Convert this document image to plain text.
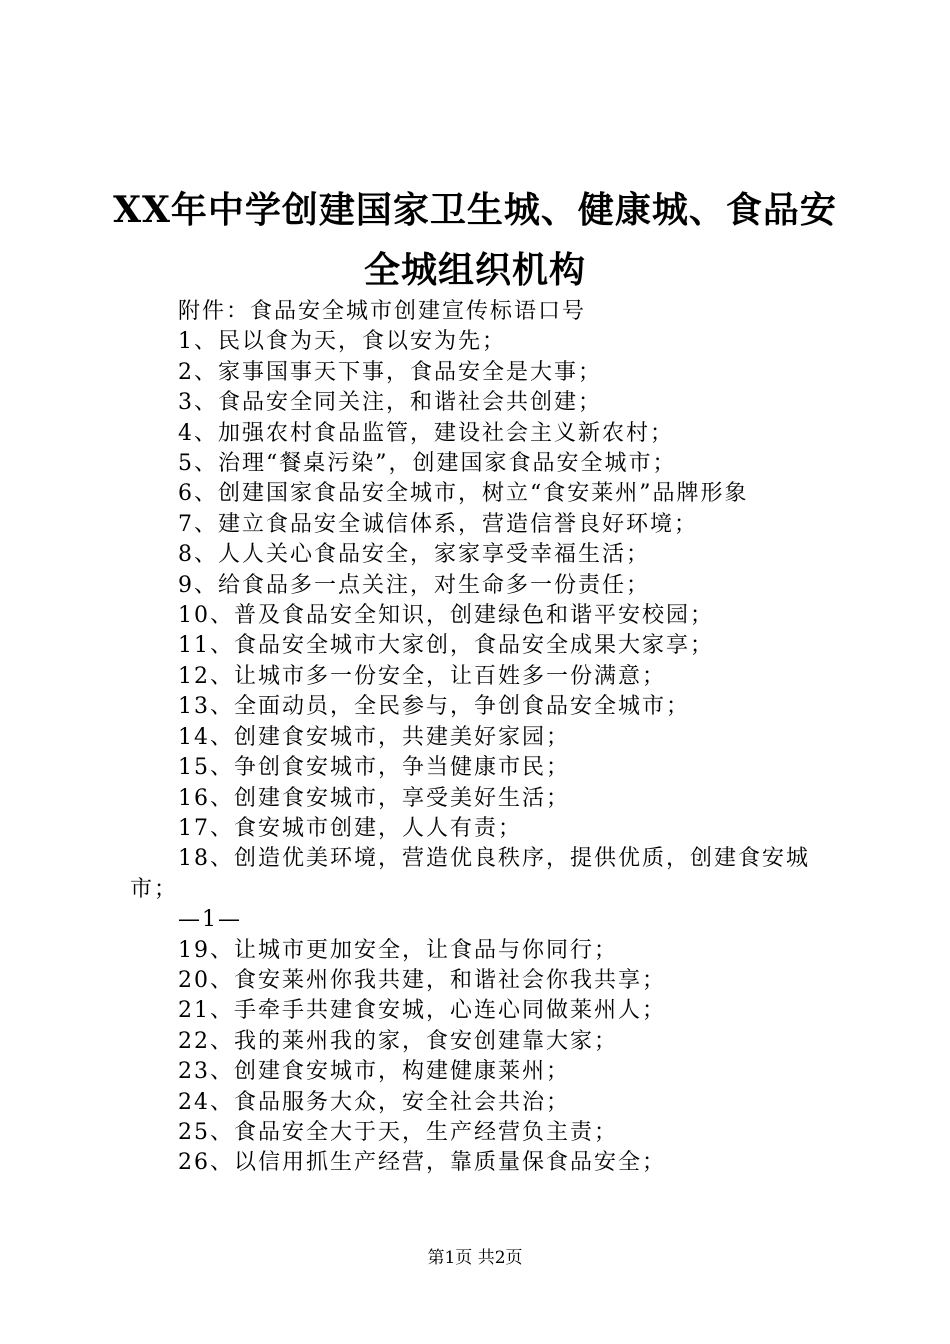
XX年中学创建国家卫生城、健康城、食品安
全城组织机构

附件：食品安全城市创建宣传标语口号

1、民以食为天，食以安为先；

2、家事国事天下事，食品安全是大事；

3、食品安全同关注，和谐社会共创建；

4、加强农村食品监管，建设社会主义新农村；

5、治理“餐桌污染”，创建国家食品安全城市；

6、创建国家食品安全城市，树立“食安莱州”品牌形象

7、建立食品安全诚信体系，营造信誉良好环境；

8、人人关心食品安全，家家享受幸福生活；

9、给食品多一点关注，对生命多一份责任；

10、普及食品安全知识，创建绿色和谐平安校园；

11、食品安全城市大家创，食品安全成果大家享；

12、让城市多一份安全，让百姓多一份满意；

13、全面动员，全民参与，争创食品安全城市；

14、创建食安城市，共建美好家园；

15、争创食安城市，争当健康市民；

16、创建食安城市，享受美好生活；

17、食安城市创建，人人有责；

18、创造优美环境，营造优良秩序，提供优质，创建食安城市；

—1—

19、让城市更加安全，让食品与你同行；

20、食安莱州你我共建，和谐社会你我共享；

21、手牵手共建食安城，心连心同做莱州人；

22、我的莱州我的家，食安创建靠大家；

23、创建食安城市，构建健康莱州；

24、食品服务大众，安全社会共治；

25、食品安全大于天，生产经营负主责；

26、以信用抓生产经营，靠质量保食品安全；

第1页 共2页
